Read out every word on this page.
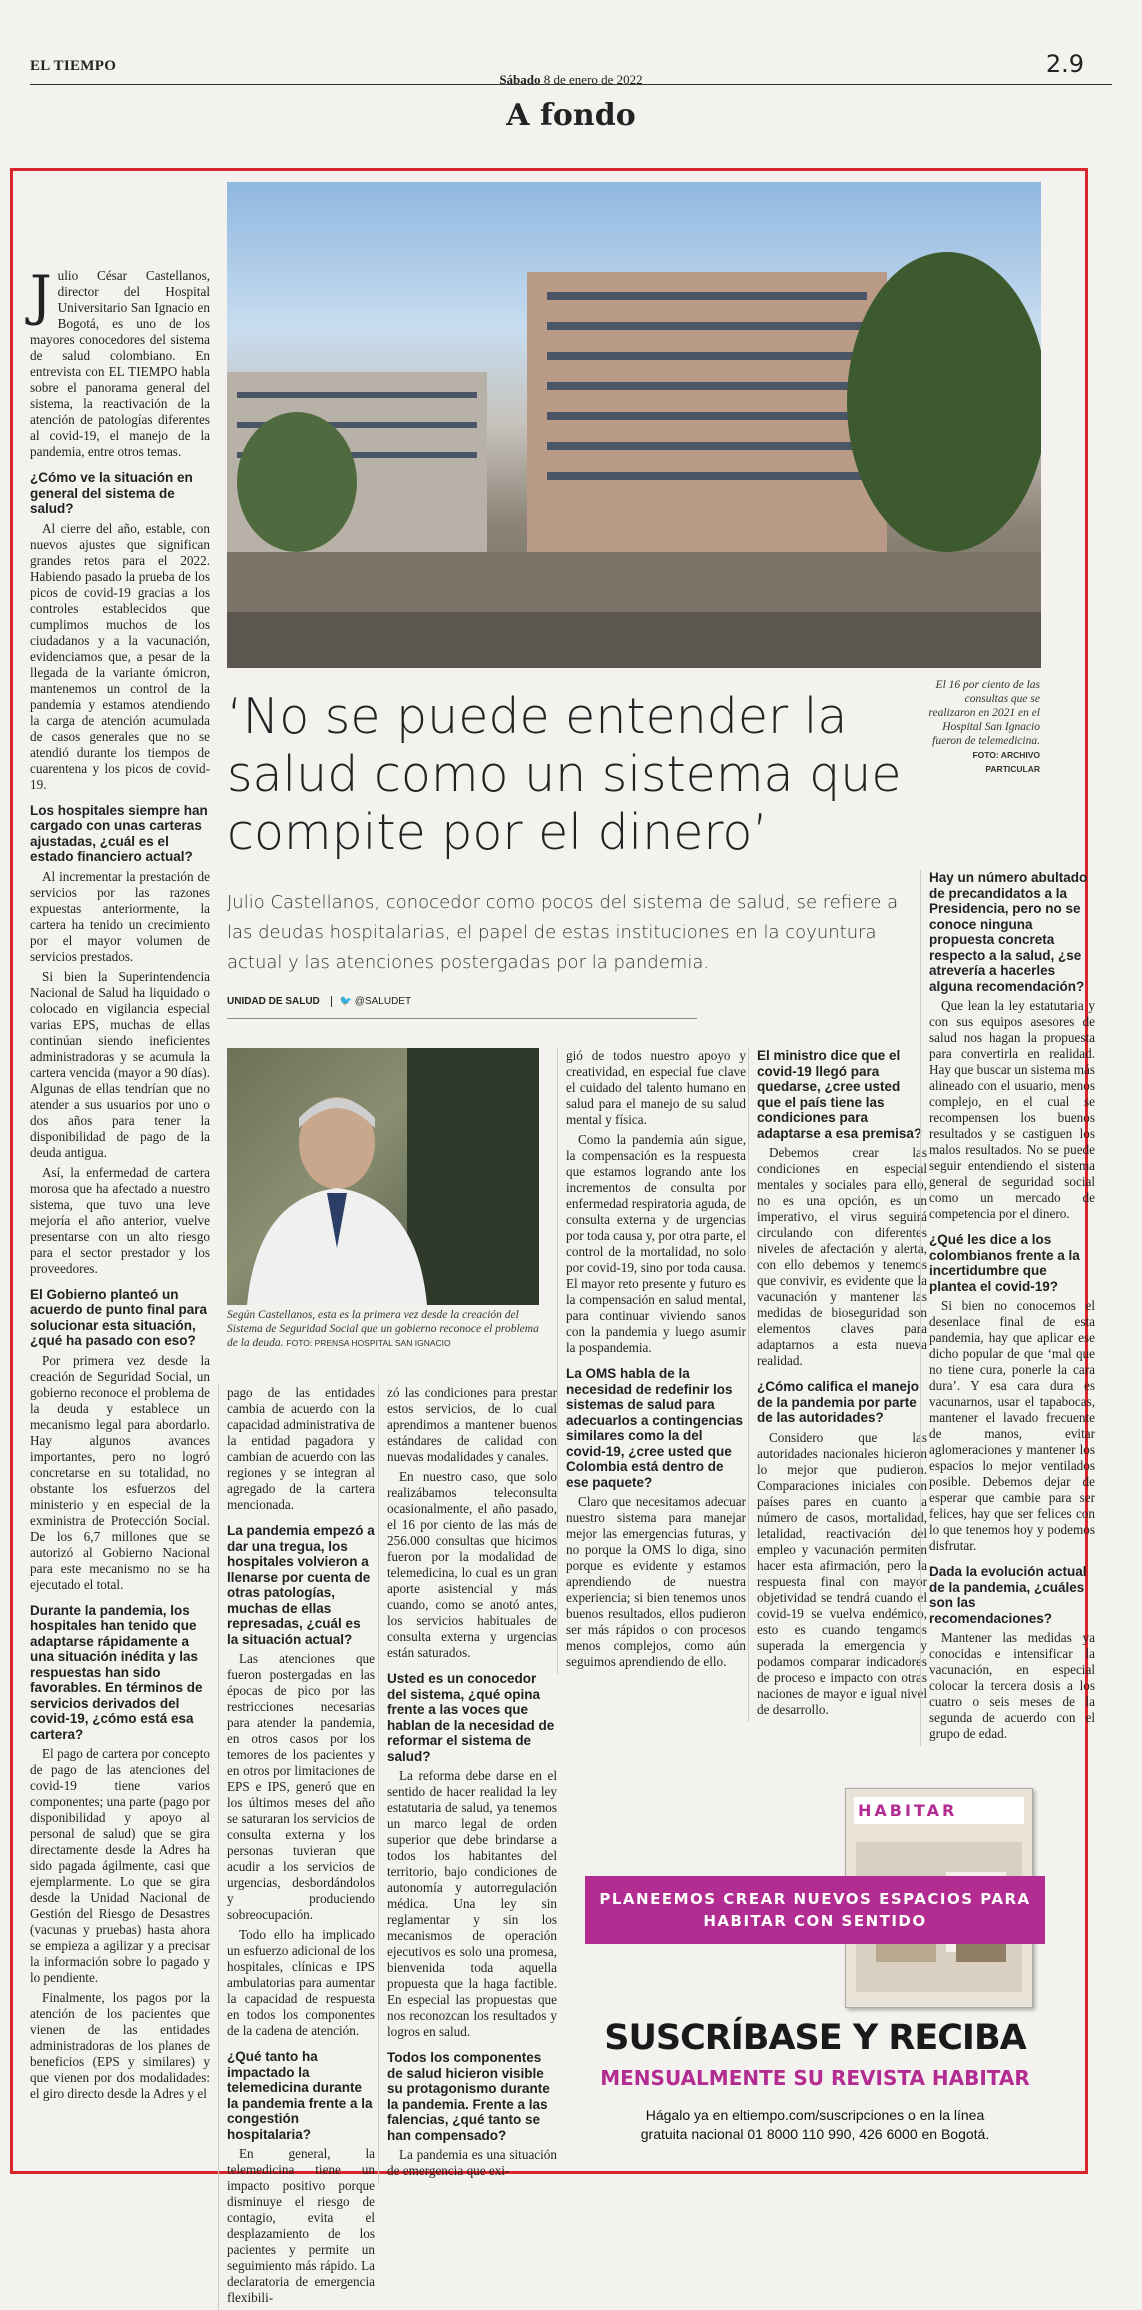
EL TIEMPO
Sábado 8 de enero de 2022
2.9
A fondo
El 16 por ciento de las consultas que se realizaron en 2021 en el Hospital San Ignacio fueron de telemedicina. FOTO: ARCHIVO PARTICULAR
‘No se puede entender la salud como un sistema que compite por el dinero’
Julio Castellanos, conocedor como pocos del sistema de salud, se refiere a las deudas hospitalarias, el papel de estas instituciones en la coyuntura actual y las atenciones postergadas por la pandemia.
UNIDAD DE SALUD 🐦 @SALUDET
Según Castellanos, esta es la primera vez desde la creación del Sistema de Seguridad Social que un gobierno reconoce el problema de la deuda. FOTO: PRENSA HOSPITAL SAN IGNACIO

Julio César Castellanos, director del Hospital Universitario San Ignacio en Bogotá, es uno de los mayores conocedores del sistema de salud colombiano. En entrevista con EL TIEMPO habla sobre el panorama general del sistema, la reactivación de la atención de patologías diferentes al covid-19, el manejo de la pandemia, entre otros temas.

¿Cómo ve la situación en general del sistema de salud?

Al cierre del año, estable, con nuevos ajustes que significan grandes retos para el 2022. Habiendo pasado la prueba de los picos de covid-19 gracias a los controles establecidos que cumplimos muchos de los ciudadanos y a la vacunación, evidenciamos que, a pesar de la llegada de la variante ómicron, mantenemos un control de la pandemia y estamos atendiendo la carga de atención acumulada de casos generales que no se atendió durante los tiempos de cuarentena y los picos de covid-19.

Los hospitales siempre han cargado con unas carteras ajustadas, ¿cuál es el estado financiero actual?

Al incrementar la prestación de servicios por las razones expuestas anteriormente, la cartera ha tenido un crecimiento por el mayor volumen de servicios prestados.

Si bien la Superintendencia Nacional de Salud ha liquidado o colocado en vigilancia especial varias EPS, muchas de ellas continúan siendo ineficientes administradoras y se acumula la cartera vencida (mayor a 90 días). Algunas de ellas tendrían que no atender a sus usuarios por uno o dos años para tener la disponibilidad de pago de la deuda antigua.

Así, la enfermedad de cartera morosa que ha afectado a nuestro sistema, que tuvo una leve mejoría el año anterior, vuelve presentarse con un alto riesgo para el sector prestador y los proveedores.

El Gobierno planteó un acuerdo de punto final para solucionar esta situación, ¿qué ha pasado con eso?

Por primera vez desde la creación de Seguridad Social, un gobierno reconoce el problema de la deuda y establece un mecanismo legal para abordarlo. Hay algunos avances importantes, pero no logró concretarse en su totalidad, no obstante los esfuerzos del ministerio y en especial de la exministra de Protección Social. De los 6,7 millones que se autorizó al Gobierno Nacional para este mecanismo no se ha ejecutado el total.

Durante la pandemia, los hospitales han tenido que adaptarse rápidamente a una situación inédita y las respuestas han sido favorables. En términos de servicios derivados del covid-19, ¿cómo está esa cartera?

El pago de cartera por concepto de pago de las atenciones del covid-19 tiene varios componentes; una parte (pago por disponibilidad y apoyo al personal de salud) que se gira directamente desde la Adres ha sido pagada ágilmente, casi que ejemplarmente. Lo que se gira desde la Unidad Nacional de Gestión del Riesgo de Desastres (vacunas y pruebas) hasta ahora se empieza a agilizar y a precisar la información sobre lo pagado y lo pendiente.

Finalmente, los pagos por la atención de los pacientes que vienen de las entidades administradoras de los planes de beneficios (EPS y similares) y que vienen por dos modalidades: el giro directo desde la Adres y el

pago de las entidades cambia de acuerdo con la capacidad administrativa de la entidad pagadora y cambian de acuerdo con las regiones y se integran al agregado de la cartera mencionada.

La pandemia empezó a dar una tregua, los hospitales volvieron a llenarse por cuenta de otras patologías, muchas de ellas represadas, ¿cuál es la situación actual?

Las atenciones que fueron postergadas en las épocas de pico por las restricciones necesarias para atender la pandemia, en otros casos por los temores de los pacientes y en otros por limitaciones de EPS e IPS, generó que en los últimos meses del año se saturaran los servicios de consulta externa y los personas tuvieran que acudir a los servicios de urgencias, desbordándolos y produciendo sobreocupación.

Todo ello ha implicado un esfuerzo adicional de los hospitales, clínicas e IPS ambulatorias para aumentar la capacidad de respuesta en todos los componentes de la cadena de atención.

¿Qué tanto ha impactado la telemedicina durante la pandemia frente a la congestión hospitalaria?

En general, la telemedicina tiene un impacto positivo porque disminuye el riesgo de contagio, evita el desplazamiento de los pacientes y permite un seguimiento más rápido. La declaratoria de emergencia flexibili-

zó las condiciones para prestar estos servicios, de lo cual aprendimos a mantener buenos estándares de calidad con nuevas modalidades y canales.

En nuestro caso, que solo realizábamos teleconsulta ocasionalmente, el año pasado, el 16 por ciento de las más de 256.000 consultas que hicimos fueron por la modalidad de telemedicina, lo cual es un gran aporte asistencial y más cuando, como se anotó antes, los servicios habituales de consulta externa y urgencias están saturados.

Usted es un conocedor del sistema, ¿qué opina frente a las voces que hablan de la necesidad de reformar el sistema de salud?

La reforma debe darse en el sentido de hacer realidad la ley estatutaria de salud, ya tenemos un marco legal de orden superior que debe brindarse a todos los habitantes del territorio, bajo condiciones de autonomía y autorregulación médica. Una ley sin reglamentar y sin los mecanismos de operación ejecutivos es solo una promesa, bienvenida toda aquella propuesta que la haga factible. En especial las propuestas que nos reconozcan los resultados y logros en salud.

Todos los componentes de salud hicieron visible su protagonismo durante la pandemia. Frente a las falencias, ¿qué tanto se han compensado?

La pandemia es una situación de emergencia que exi-

gió de todos nuestro apoyo y creatividad, en especial fue clave el cuidado del talento humano en salud para el manejo de su salud mental y física.

Como la pandemia aún sigue, la compensación es la respuesta que estamos logrando ante los incrementos de consulta por enfermedad respiratoria aguda, de consulta externa y de urgencias por toda causa y, por otra parte, el control de la mortalidad, no solo por covid-19, sino por toda causa. El mayor reto presente y futuro es la compensación en salud mental, para continuar viviendo sanos con la pandemia y luego asumir la pospandemia.

La OMS habla de la necesidad de redefinir los sistemas de salud para adecuarlos a contingencias similares como la del covid-19, ¿cree usted que Colombia está dentro de ese paquete?

Claro que necesitamos adecuar nuestro sistema para manejar mejor las emergencias futuras, y no porque la OMS lo diga, sino porque es evidente y estamos aprendiendo de nuestra experiencia; si bien tenemos unos buenos resultados, ellos pudieron ser más rápidos o con procesos menos complejos, como aún seguimos aprendiendo de ello.

El ministro dice que el covid-19 llegó para quedarse, ¿cree usted que el país tiene las condiciones para adaptarse a esa premisa?

Debemos crear las condiciones en especial mentales y sociales para ello, no es una opción, es un imperativo, el virus seguirá circulando con diferentes niveles de afectación y alerta, con ello debemos y tenemos que convivir, es evidente que la vacunación y mantener las medidas de bioseguridad son elementos claves para adaptarnos a esta nueva realidad.

¿Cómo califica el manejo de la pandemia por parte de las autoridades?

Considero que las autoridades nacionales hicieron lo mejor que pudieron. Comparaciones iniciales con países pares en cuanto a número de casos, mortalidad, letalidad, reactivación del empleo y vacunación permiten hacer esta afirmación, pero la respuesta final con mayor objetividad se tendrá cuando el covid-19 se vuelva endémico, esto es cuando tengamos superada la emergencia y podamos comparar indicadores de proceso e impacto con otras naciones de mayor e igual nivel de desarrollo.

Hay un número abultado de precandidatos a la Presidencia, pero no se conoce ninguna propuesta concreta respecto a la salud, ¿se atrevería a hacerles alguna recomendación?

Que lean la ley estatutaria y con sus equipos asesores de salud nos hagan la propuesta para convertirla en realidad. Hay que buscar un sistema más alineado con el usuario, menos complejo, en el cual se recompensen los buenos resultados y se castiguen los malos resultados. No se puede seguir entendiendo el sistema general de seguridad social como un mercado de competencia por el dinero.

¿Qué les dice a los colombianos frente a la incertidumbre que plantea el covid-19?

Si bien no conocemos el desenlace final de esta pandemia, hay que aplicar ese dicho popular de que ‘mal que no tiene cura, ponerle la cara dura’. Y esa cara dura es vacunarnos, usar el tapabocas, mantener el lavado frecuente de manos, evitar aglomeraciones y mantener los espacios lo mejor ventilados posible. Debemos dejar de esperar que cambie para ser felices, hay que ser felices con lo que tenemos hoy y podemos disfrutar.

Dada la evolución actual de la pandemia, ¿cuáles son las recomendaciones?

Mantener las medidas ya conocidas e intensificar la vacunación, en especial colocar la tercera dosis a los cuatro o seis meses de la segunda de acuerdo con el grupo de edad.

HABITAR
PLANEEMOS CREAR NUEVOS ESPACIOS PARA HABITAR CON SENTIDO
SUSCRÍBASE Y RECIBA
MENSUALMENTE SU REVISTA HABITAR
Hágalo ya en eltiempo.com/suscripciones o en la línea
gratuita nacional 01 8000 110 990, 426 6000 en Bogotá.
